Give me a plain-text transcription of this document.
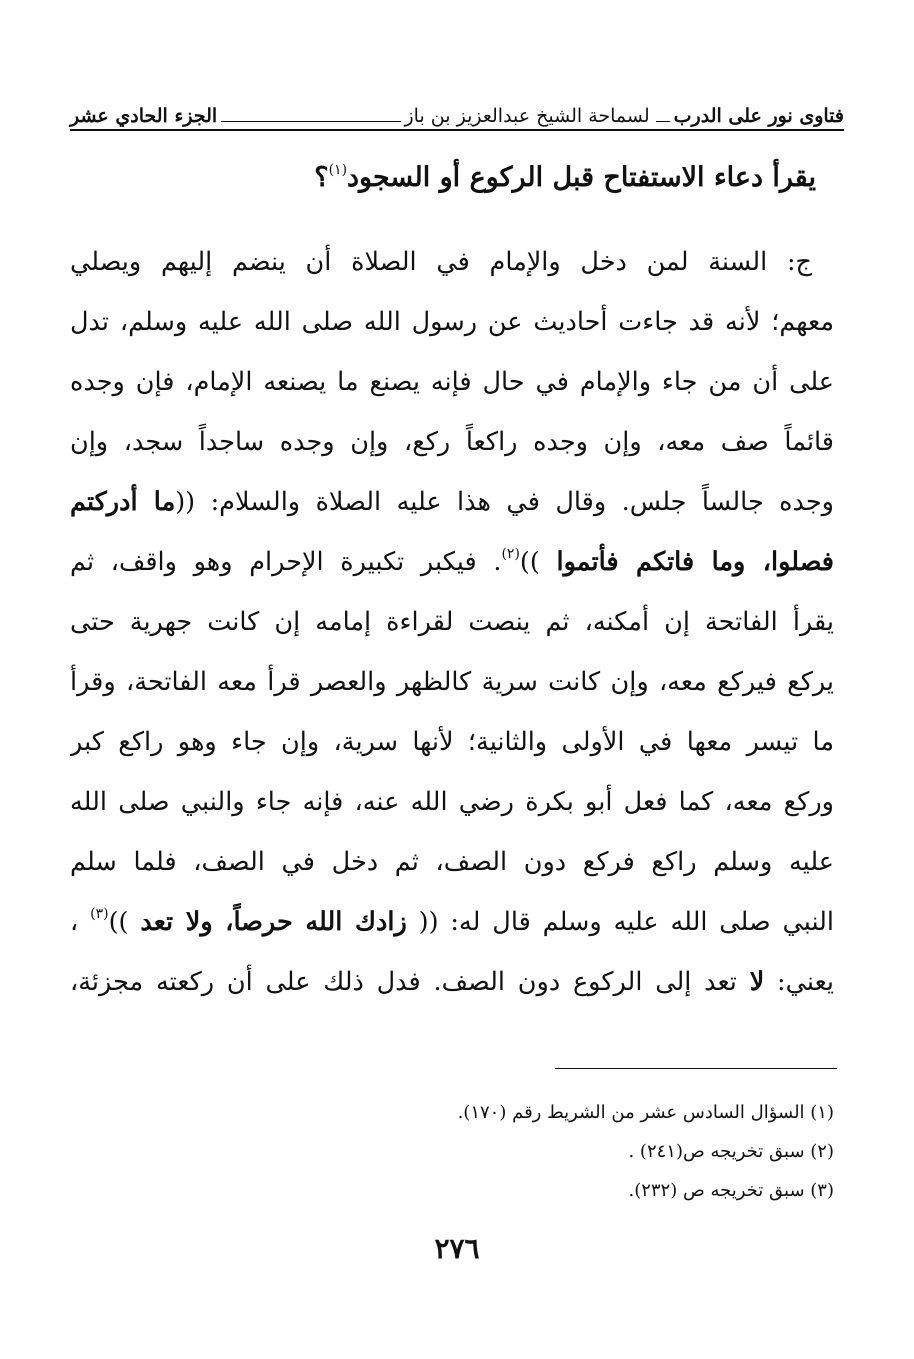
فتاوى نور على الدرب
لسماحة الشيخ عبدالعزيز بن باز
الجزء الحادي عشر
يقرأ دعاء الاستفتاح قبل الركوع أو السجود$^{(١)}$؟
ج: السنة لمن دخل والإمام في الصلاة أن ينضم إليهم ويصلي
معهم؛ لأنه قد جاءت أحاديث عن رسول الله صلى الله عليه وسلم، تدل
على أن من جاء والإمام في حال فإنه يصنع ما يصنعه الإمام، فإن وجده
قائماً صف معه، وإن وجده راكعاً ركع، وإن وجده ساجداً سجد، وإن
وجده جالساً جلس. وقال في هذا عليه الصلاة والسلام: ((ما أدركتم
فصلوا، وما فاتكم فأتموا ))$^{(٢)}$. فيكبر تكبيرة الإحرام وهو واقف، ثم
يقرأ الفاتحة إن أمكنه، ثم ينصت لقراءة إمامه إن كانت جهرية حتى
يركع فيركع معه، وإن كانت سرية كالظهر والعصر قرأ معه الفاتحة، وقرأ
ما تيسر معها في الأولى والثانية؛ لأنها سرية، وإن جاء وهو راكع كبر
وركع معه، كما فعل أبو بكرة رضي الله عنه، فإنه جاء والنبي صلى الله
عليه وسلم راكع فركع دون الصف، ثم دخل في الصف، فلما سلم
النبي صلى الله عليه وسلم قال له: (( زادك الله حرصاً، ولا تعد ))$^{(٣)}$ ،
يعني: لا تعد إلى الركوع دون الصف. فدل ذلك على أن ركعته مجزئة،
(١) السؤال السادس عشر من الشريط رقم (١٧٠).
(٢) سبق تخريجه ص(٢٤١) .
(٣) سبق تخريجه ص (٢٣٢).
٢٧٦
